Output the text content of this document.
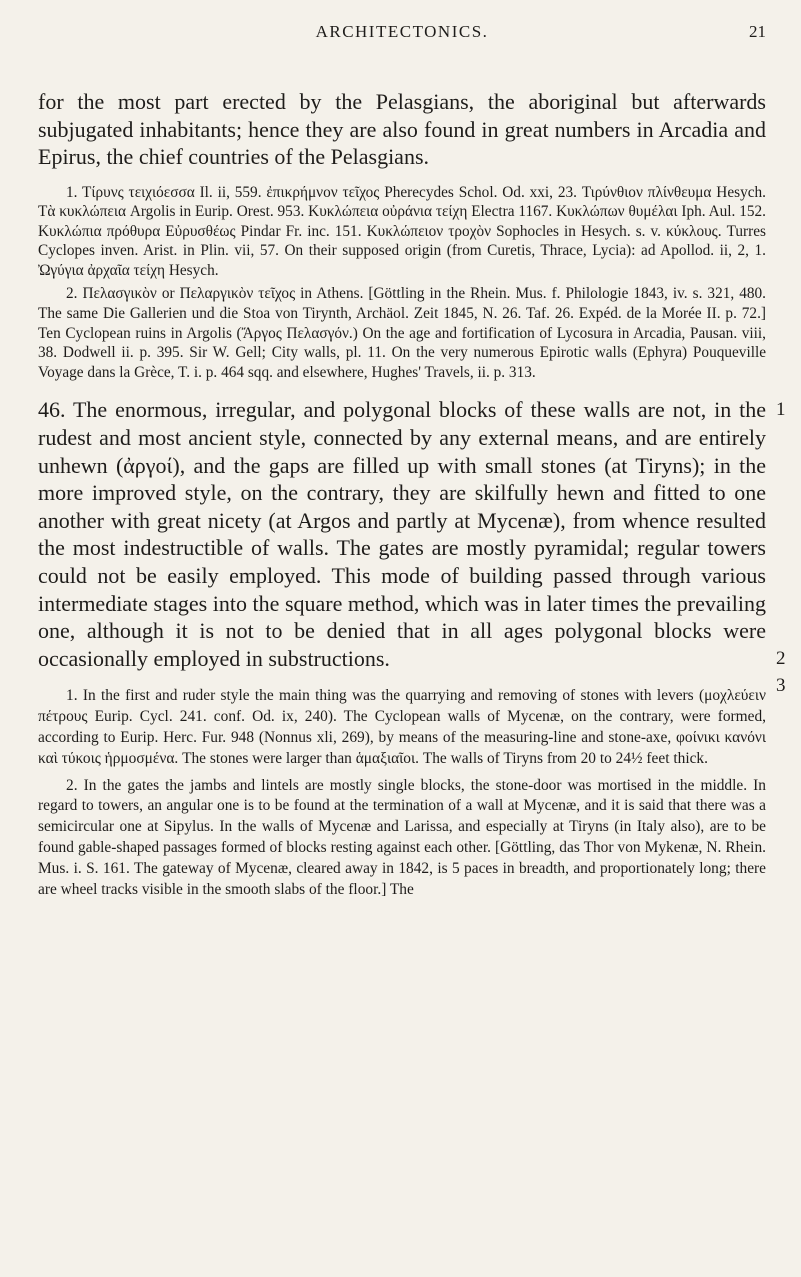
ARCHITECTONICS.	21

for the most part erected by the Pelasgians, the aboriginal but afterwards subjugated inhabitants; hence they are also found in great numbers in Arcadia and Epirus, the chief countries of the Pelasgians.

1. Τίρυνς τειχιόεσσα Il. ii, 559. ἐπικρήμνον τεῖχος Pherecydes Schol. Od. xxi, 23. Τιρύνθιον πλίνθευμα Hesych. Τὰ κυκλώπεια Argolis in Eurip. Orest. 953. Κυκλώπεια οὐράνια τείχη Electra 1167. Κυκλώπων θυμέλαι Iph. Aul. 152. Κυκλώπια πρόθυρα Εὐρυσθέως Pindar Fr. inc. 151. Κυκλώπειον τροχὸν Sophocles in Hesych. s. v. κύκλους. Turres Cyclopes inven. Arist. in Plin. vii, 57. On their supposed origin (from Curetis, Thrace, Lycia): ad Apollod. ii, 2, 1. Ὠγύγια ἀρχαῖα τείχη Hesych.

2. Πελασγικὸν or Πελαργικὸν τεῖχος in Athens. [Göttling in the Rhein. Mus. f. Philologie 1843, iv. s. 321, 480. The same Die Gallerien und die Stoa von Tirynth, Archäol. Zeit 1845, N. 26. Taf. 26. Expéd. de la Morée II. p. 72.] Ten Cyclopean ruins in Argolis (Ἄργος Πελασγόν.) On the age and fortification of Lycosura in Arcadia, Pausan. viii, 38. Dodwell ii. p. 395. Sir W. Gell; City walls, pl. 11. On the very numerous Epirotic walls (Ephyra) Pouqueville Voyage dans la Grèce, T. i. p. 464 sqq. and elsewhere, Hughes' Travels, ii. p. 313.

46. The enormous, irregular, and polygonal blocks of these walls are not, in the rudest and most ancient style, connected by any external means, and are entirely unhewn (ἀργοί), and the gaps are filled up with small stones (at Tiryns); in the more improved style, on the contrary, they are skilfully hewn and fitted to one another with great nicety (at Argos and partly at Mycenæ), from whence resulted the most indestructible of walls. The gates are mostly pyramidal; regular towers could not be easily employed. This mode of building passed through various intermediate stages into the square method, which was in later times the prevailing one, although it is not to be denied that in all ages polygonal blocks were occasionally employed in substructions.

1

2
3

1. In the first and ruder style the main thing was the quarrying and removing of stones with levers (μοχλεύειν πέτρους Eurip. Cycl. 241. conf. Od. ix, 240). The Cyclopean walls of Mycenæ, on the contrary, were formed, according to Eurip. Herc. Fur. 948 (Nonnus xli, 269), by means of the measuring-line and stone-axe, φοίνικι κανόνι καὶ τύκοις ἡρμοσμένα. The stones were larger than ἁμαξιαῖοι. The walls of Tiryns from 20 to 24½ feet thick.

2. In the gates the jambs and lintels are mostly single blocks, the stone-door was mortised in the middle. In regard to towers, an angular one is to be found at the termination of a wall at Mycenæ, and it is said that there was a semicircular one at Sipylus. In the walls of Mycenæ and Larissa, and especially at Tiryns (in Italy also), are to be found gable-shaped passages formed of blocks resting against each other. [Göttling, das Thor von Mykenæ, N. Rhein. Mus. i. S. 161. The gateway of Mycenæ, cleared away in 1842, is 5 paces in breadth, and proportionately long; there are wheel tracks visible in the smooth slabs of the floor.] The
